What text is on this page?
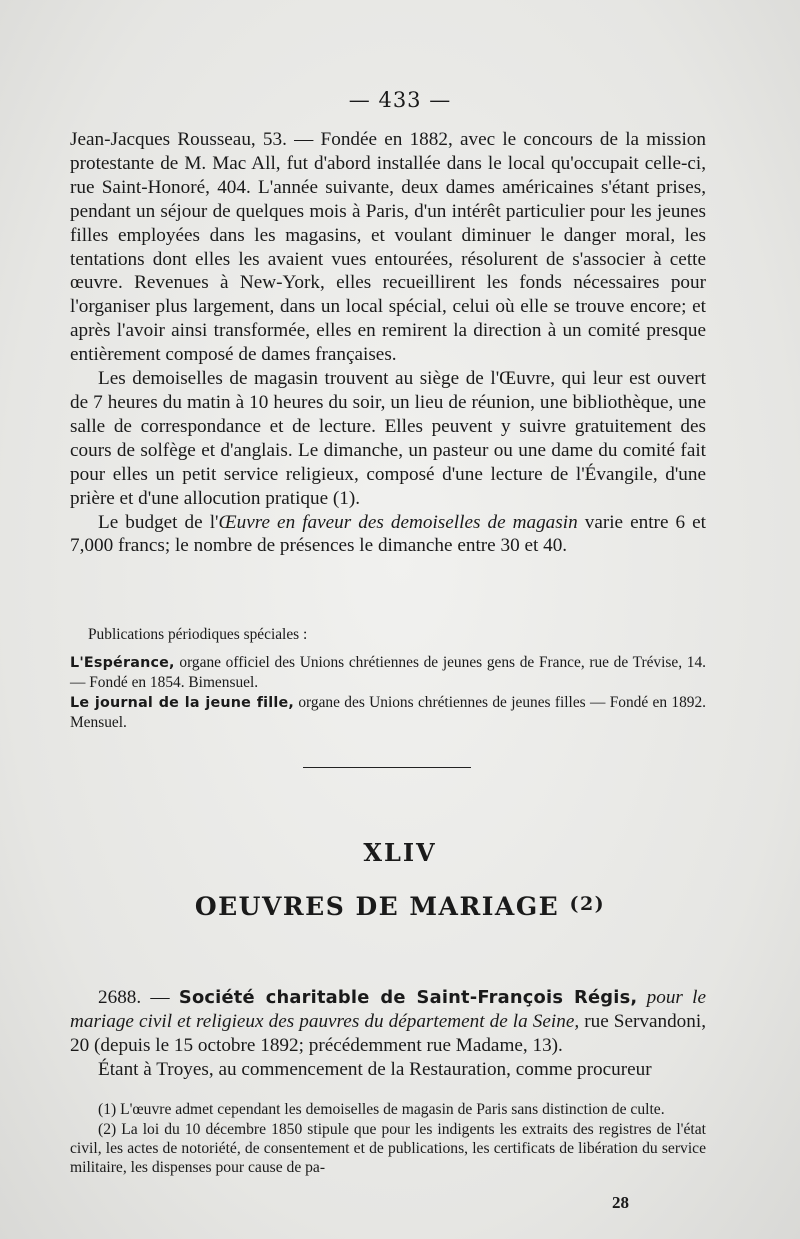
— 433 —

Jean-Jacques Rousseau, 53. — Fondée en 1882, avec le concours de la mission protestante de M. Mac All, fut d'abord installée dans le local qu'occupait celle-ci, rue Saint-Honoré, 404. L'année suivante, deux dames américaines s'étant prises, pendant un séjour de quelques mois à Paris, d'un intérêt particulier pour les jeunes filles employées dans les magasins, et voulant diminuer le danger moral, les tentations dont elles les avaient vues entourées, résolurent de s'associer à cette œuvre. Revenues à New-York, elles recueillirent les fonds nécessaires pour l'organiser plus largement, dans un local spécial, celui où elle se trouve encore; et après l'avoir ainsi transformée, elles en remirent la direction à un comité presque entièrement composé de dames françaises.

Les demoiselles de magasin trouvent au siège de l'Œuvre, qui leur est ouvert de 7 heures du matin à 10 heures du soir, un lieu de réunion, une bibliothèque, une salle de correspondance et de lecture. Elles peuvent y suivre gratuitement des cours de solfège et d'anglais. Le dimanche, un pasteur ou une dame du comité fait pour elles un petit service religieux, composé d'une lecture de l'Évangile, d'une prière et d'une allocution pratique (1).

Le budget de l'Œuvre en faveur des demoiselles de magasin varie entre 6 et 7,000 francs; le nombre de présences le dimanche entre 30 et 40.

Publications périodiques spéciales :

L'Espérance, organe officiel des Unions chrétiennes de jeunes gens de France, rue de Trévise, 14. — Fondé en 1854. Bimensuel.

Le journal de la jeune fille, organe des Unions chrétiennes de jeunes filles — Fondé en 1892. Mensuel.

XLIV
OEUVRES DE MARIAGE $^{(2)}$

2688. — Société charitable de Saint-François Régis, pour le mariage civil et religieux des pauvres du département de la Seine, rue Servandoni, 20 (depuis le 15 octobre 1892; précédemment rue Madame, 13).

Étant à Troyes, au commencement de la Restauration, comme procureur

(1) L'œuvre admet cependant les demoiselles de magasin de Paris sans distinction de culte.

(2) La loi du 10 décembre 1850 stipule que pour les indigents les extraits des registres de l'état civil, les actes de notoriété, de consentement et de publications, les certificats de libération du service militaire, les dispenses pour cause de pa-

28
